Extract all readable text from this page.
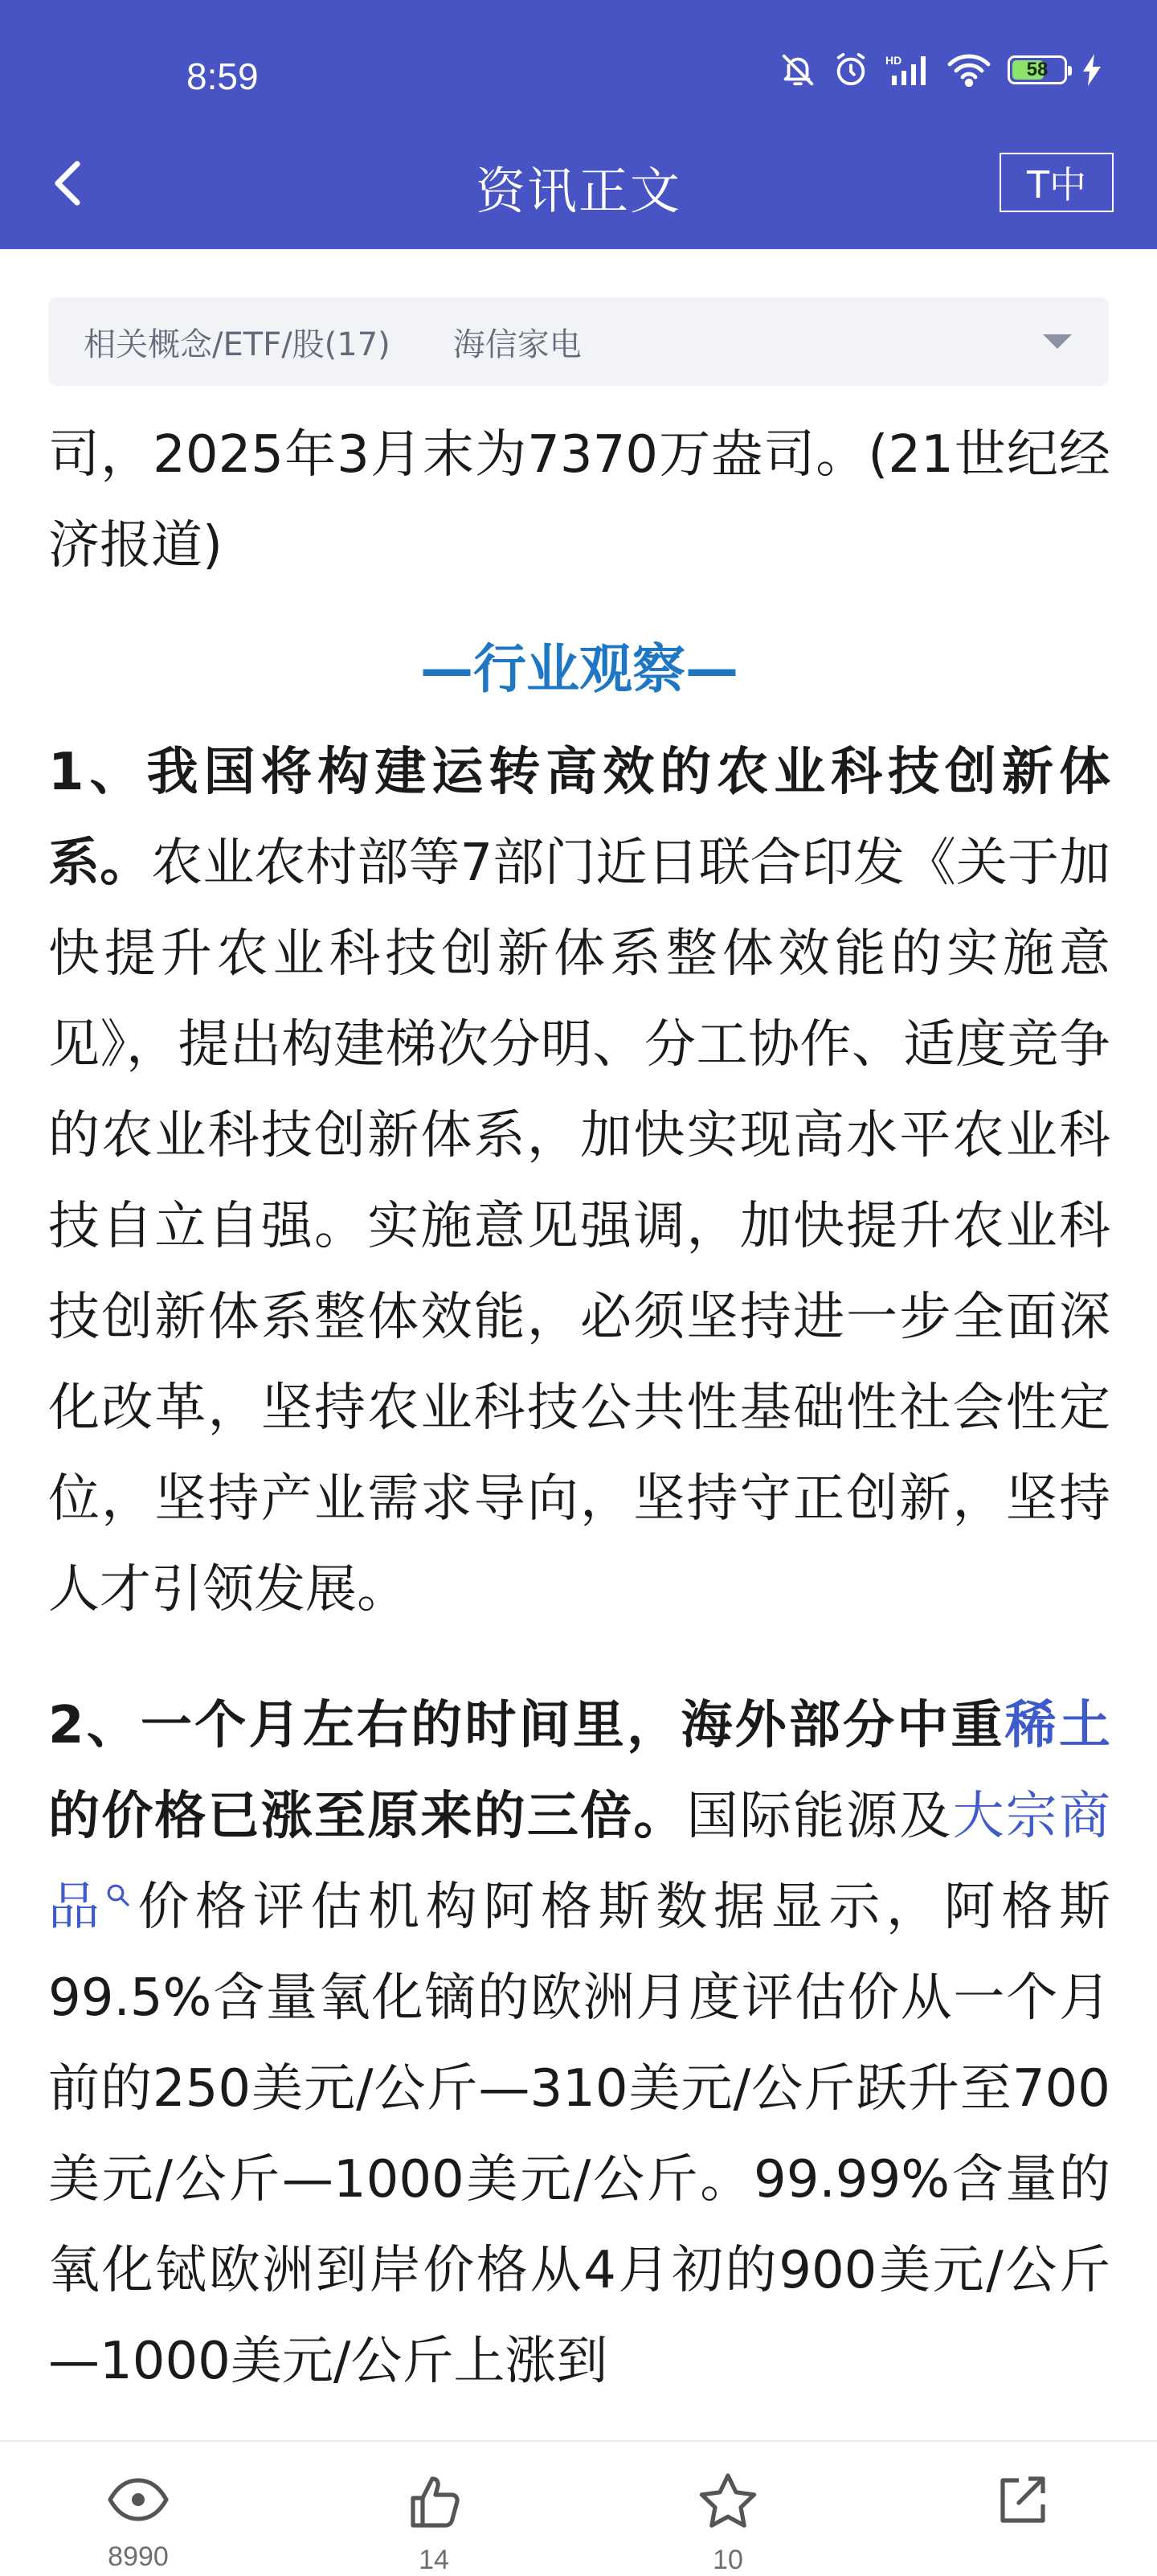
8:59	HD	58
资讯正文	T中
相关概念/ETF/股(17) 海信家电

司，2025年3月末为7370万盎司。(21世纪经济报道)

—行业观察—

1、我国将构建运转高效的农业科技创新体系。农业农村部等7部门近日联合印发《关于加快提升农业科技创新体系整体效能的实施意见》，提出构建梯次分明、分工协作、适度竞争的农业科技创新体系，加快实现高水平农业科技自立自强。实施意见强调，加快提升农业科技创新体系整体效能，必须坚持进一步全面深化改革，坚持农业科技公共性基础性社会性定位，坚持产业需求导向，坚持守正创新，坚持人才引领发展。

2、一个月左右的时间里，海外部分中重稀土的价格已涨至原来的三倍。国际能源及大宗商品 价格评估机构阿格斯数据显示，阿格斯99.5%含量氧化镝的欧洲月度评估价从一个月前的250美元/公斤—310美元/公斤跃升至700美元/公斤—1000美元/公斤。99.99%含量的氧化铽欧洲到岸价格从4月初的900美元/公斤—1000美元/公斤上涨到

8990	14	10
